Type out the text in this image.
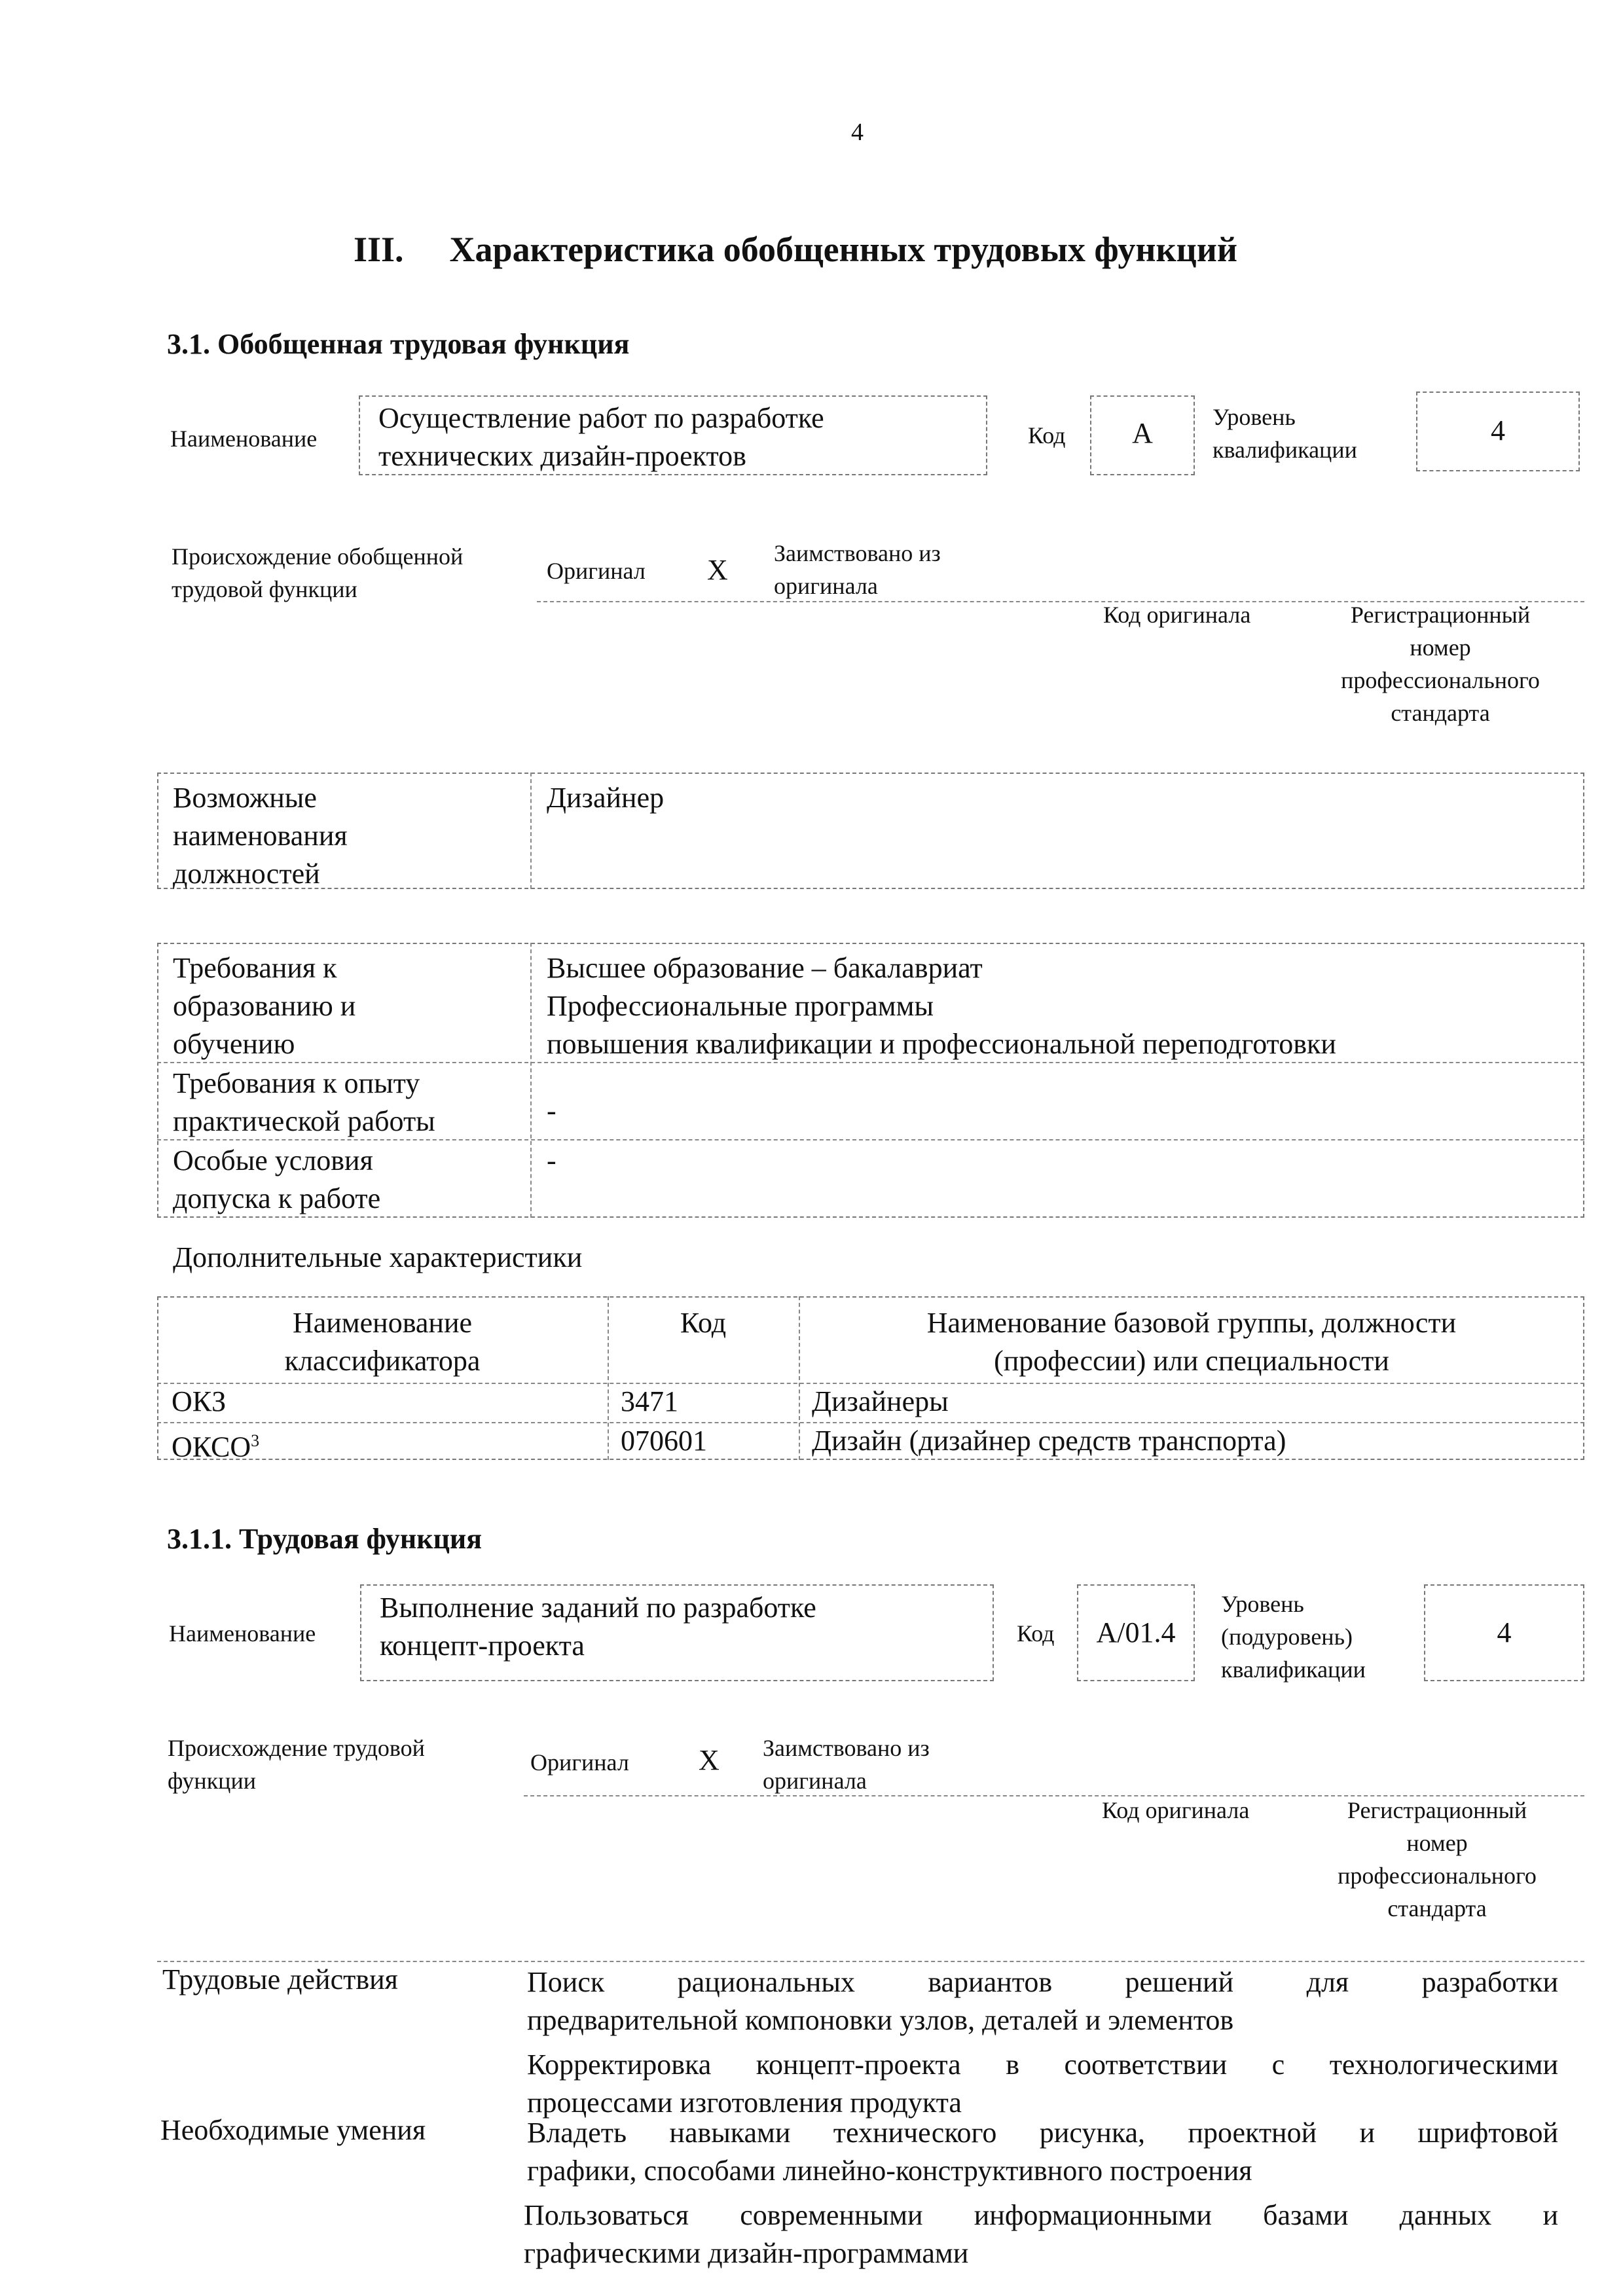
4
III. Характеристика обобщенных трудовых функций
3.1. Обобщенная трудовая функция
Наименование
Осуществление работ по разработке
технических дизайн-проектов
Код	А	Уровень
квалификации
4
Происхождение обобщенной
трудовой функции
Оригинал Х
Заимствовано из
оригинала
Код оригинала	Регистрационный
номер
профессионального
стандарта
Возможные
наименования
должностей
Дизайнер
Требования к
образованию и
обучению
Высшее образование – бакалавриат
Профессиональные программы
повышения квалификации и профессиональной переподготовки
Требования к опыту
практической работы	-
Особые условия
допуска к работе
-
Дополнительные характеристики
Наименование
классификатора
Код	Наименование базовой группы, должности
(профессии) или специальности
ОКЗ	3471	Дизайнеры
ОКСО$^3$	070601	Дизайн (дизайнер средств транспорта)
3.1.1. Трудовая функция
Наименование
Выполнение заданий по разработке
концепт-проекта	Код	А/01.4
Уровень
(подуровень)
квалификации
4
Происхождение трудовой
функции
Оригинал Х Заимствовано из
оригинала
Код оригинала	Регистрационный
номер
профессионального
стандарта
Трудовые действия	Поиск рациональных вариантов решений для разработки
предварительной компоновки узлов, деталей и элементов
Корректировка концепт-проекта в соответствии с технологическими
процессами изготовления продукта
Необходимые умения	Владеть навыками технического рисунка, проектной и шрифтовой
графики, способами линейно-конструктивного построения
Пользоваться современными информационными базами данных и
графическими дизайн-программами
